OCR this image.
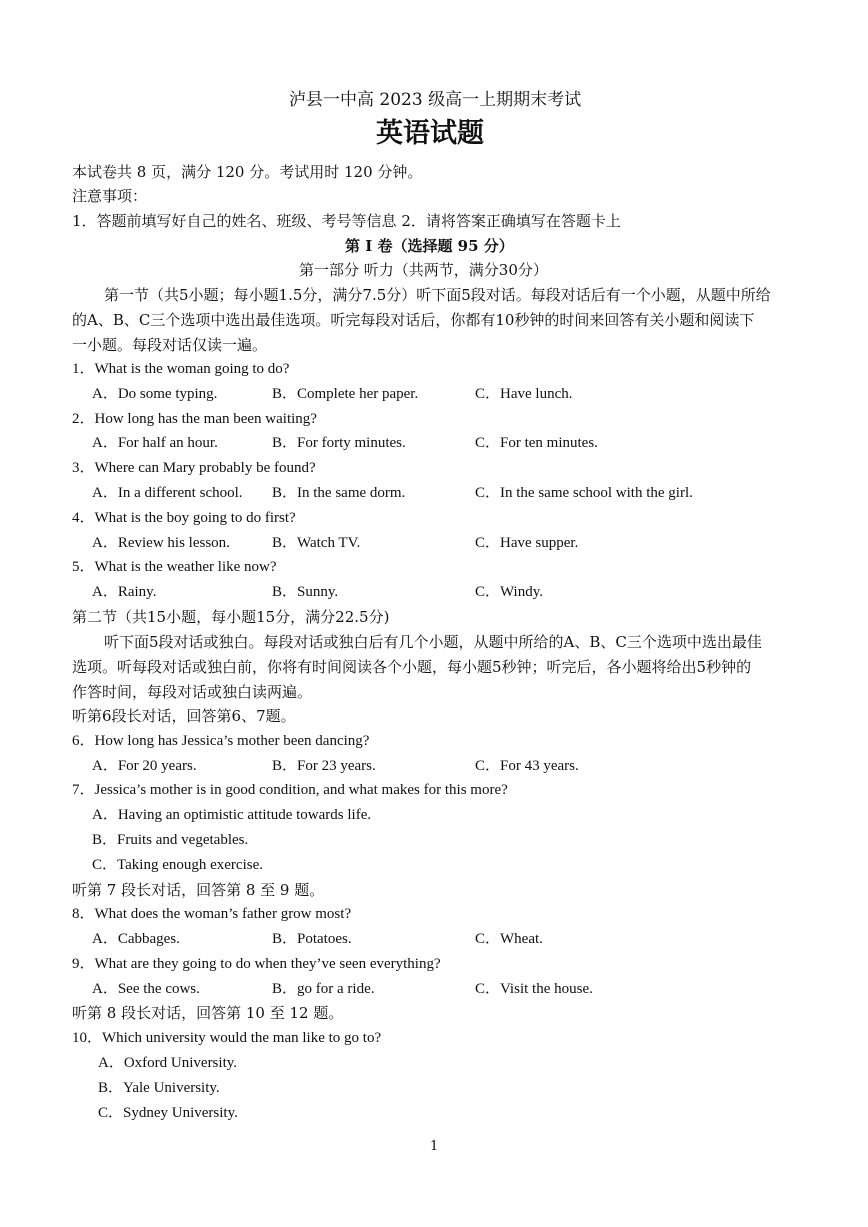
泸县一中高 2023 级高一上期期末考试
英语试题
本试卷共 8 页，满分 120 分。考试用时 120 分钟。
注意事项：
1．答题前填写好自己的姓名、班级、考号等信息 2．请将答案正确填写在答题卡上
第 I 卷（选择题 95 分）
第一部分 听力（共两节，满分30分）
第一节（共5小题；每小题1.5分，满分7.5分）听下面5段对话。每段对话后有一个小题，从题中所给
的A、B、C三个选项中选出最佳选项。听完每段对话后，你都有10秒钟的时间来回答有关小题和阅读下
一小题。每段对话仅读一遍。
1．What is the woman going to do?
A．Do some typing.	B．Complete her paper.	C．Have lunch.
2．How long has the man been waiting?
A．For half an hour.	B．For forty minutes.	C．For ten minutes.
3．Where can Mary probably be found?
A．In a different school. B．In the same dorm.	C．In the same school with the girl.
4．What is the boy going to do first?
A．Review his lesson.	B．Watch TV.	C．Have supper.
5．What is the weather like now?
A．Rainy.	B．Sunny.	C．Windy.
第二节（共15小题，每小题15分，满分22.5分)
听下面5段对话或独白。每段对话或独白后有几个小题，从题中所给的A、B、C三个选项中选出最佳
选项。听每段对话或独白前，你将有时间阅读各个小题，每小题5秒钟；听完后，各小题将给出5秒钟的
作答时间，每段对话或独白读两遍。
听第6段长对话，回答第6、7题。
6．How long has Jessica’s mother been dancing?
A．For 20 years.	B．For 23 years.	C．For 43 years.
7．Jessica’s mother is in good condition, and what makes for this more?
A．Having an optimistic attitude towards life.
B．Fruits and vegetables.
C．Taking enough exercise.
听第 7 段长对话，回答第 8 至 9 题。
8．What does the woman’s father grow most?
A．Cabbages.	B．Potatoes.	C．Wheat.
9．What are they going to do when they’ve seen everything?
A．See the cows.	B．go for a ride.	C．Visit the house.
听第 8 段长对话，回答第 10 至 12 题。
10．Which university would the man like to go to?
A．Oxford University.
B．Yale University.
C．Sydney University.
1
